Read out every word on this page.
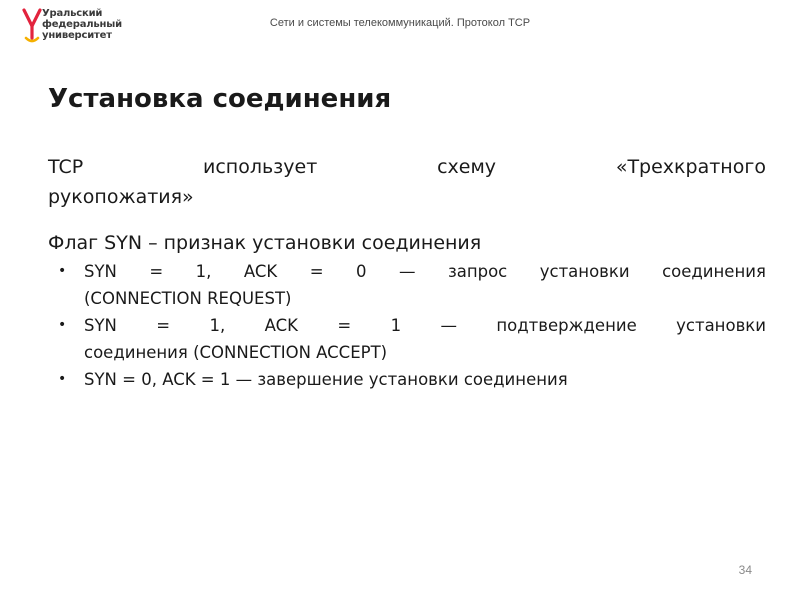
Уральский
федеральный
университет
Сети и системы телекоммуникаций. Протокол TCP
Установка соединения
TCP	использует	схему	«Трехкратного
рукопожатия»

Флаг SYN – признак установки соединения

• SYN = 1, ACK = 0 — запрос установки соединения
(CONNECTION REQUEST)
• SYN = 1, ACK = 1 — подтверждение установки
соединения (CONNECTION ACCEPT)
• SYN = 0, ACK = 1 — завершение установки соединения
34
